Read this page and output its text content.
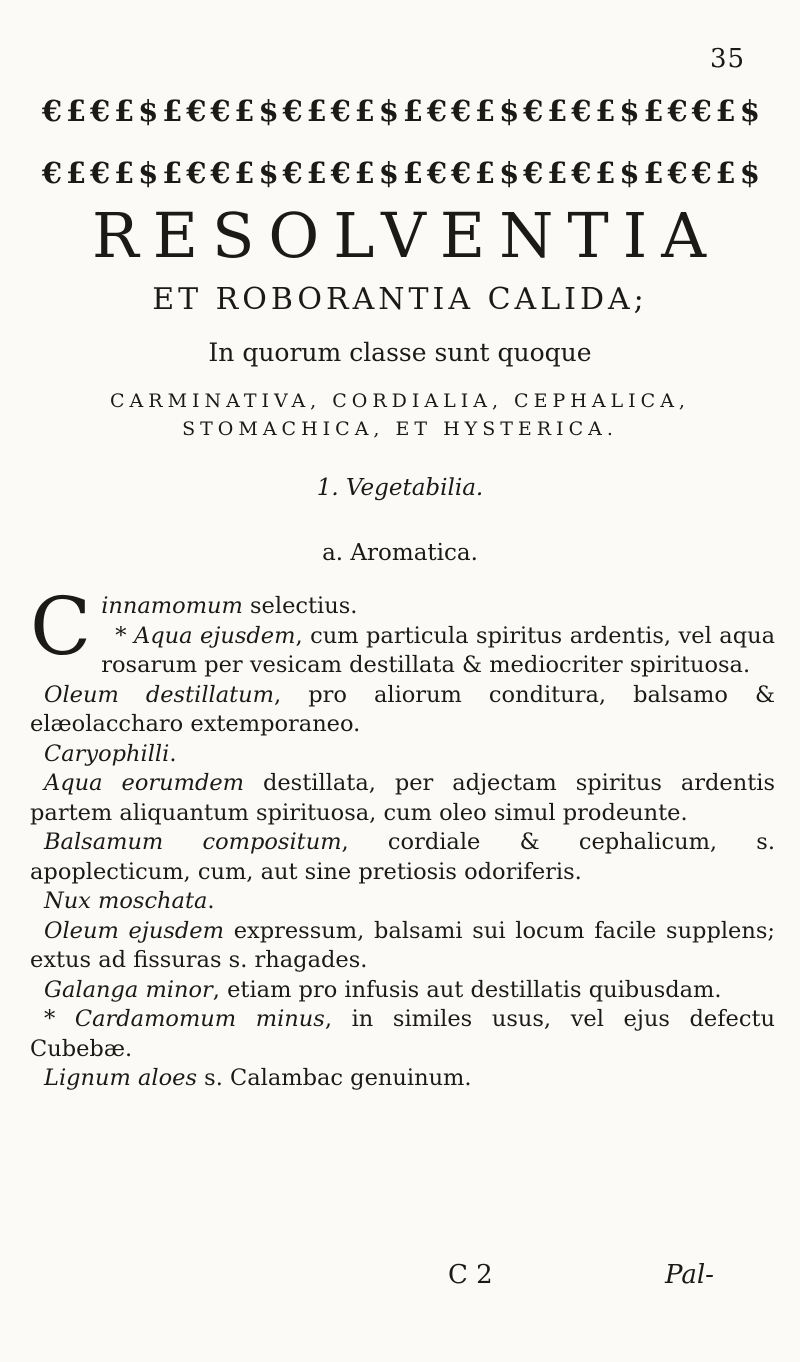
35
€ £ € £ $ £ € € £ $ € £ € £ $ £ € € £ $ € £ € £ $ £ € € £ $
€ £ € £ $ £ € € £ $ € £ € £ $ £ € € £ $ € £ € £ $ £ € € £ $
RESOLVENTIA
ET ROBORANTIA CALIDA;
In quorum classe sunt quoque
CARMINATIVA, CORDIALIA, CEPHALICA,
STOMACHICA, ET HYSTERICA.
1. Vegetabilia.
a. Aromatica.

Cinnamomum selectius.

* Aqua ejusdem, cum particula spiritus ardentis, vel aqua rosarum per vesicam destillata & mediocriter spirituosa.

Oleum destillatum, pro aliorum conditura, balsamo & elæolaccharo extemporaneo.

Caryophilli.

Aqua eorumdem destillata, per adjectam spiritus ardentis partem aliquantum spirituosa, cum oleo simul prodeunte.

Balsamum compositum, cordiale & cephalicum, s. apoplecticum, cum, aut sine pretiosis odoriferis.

Nux moschata.

Oleum ejusdem expressum, balsami sui locum facile supplens; extus ad fissuras s. rhagades.

Galanga minor, etiam pro infusis aut destillatis quibusdam.

* Cardamomum minus, in similes usus, vel ejus defectu Cubebæ.

Lignum aloes s. Calambac genuinum.

C 2	Pal-
